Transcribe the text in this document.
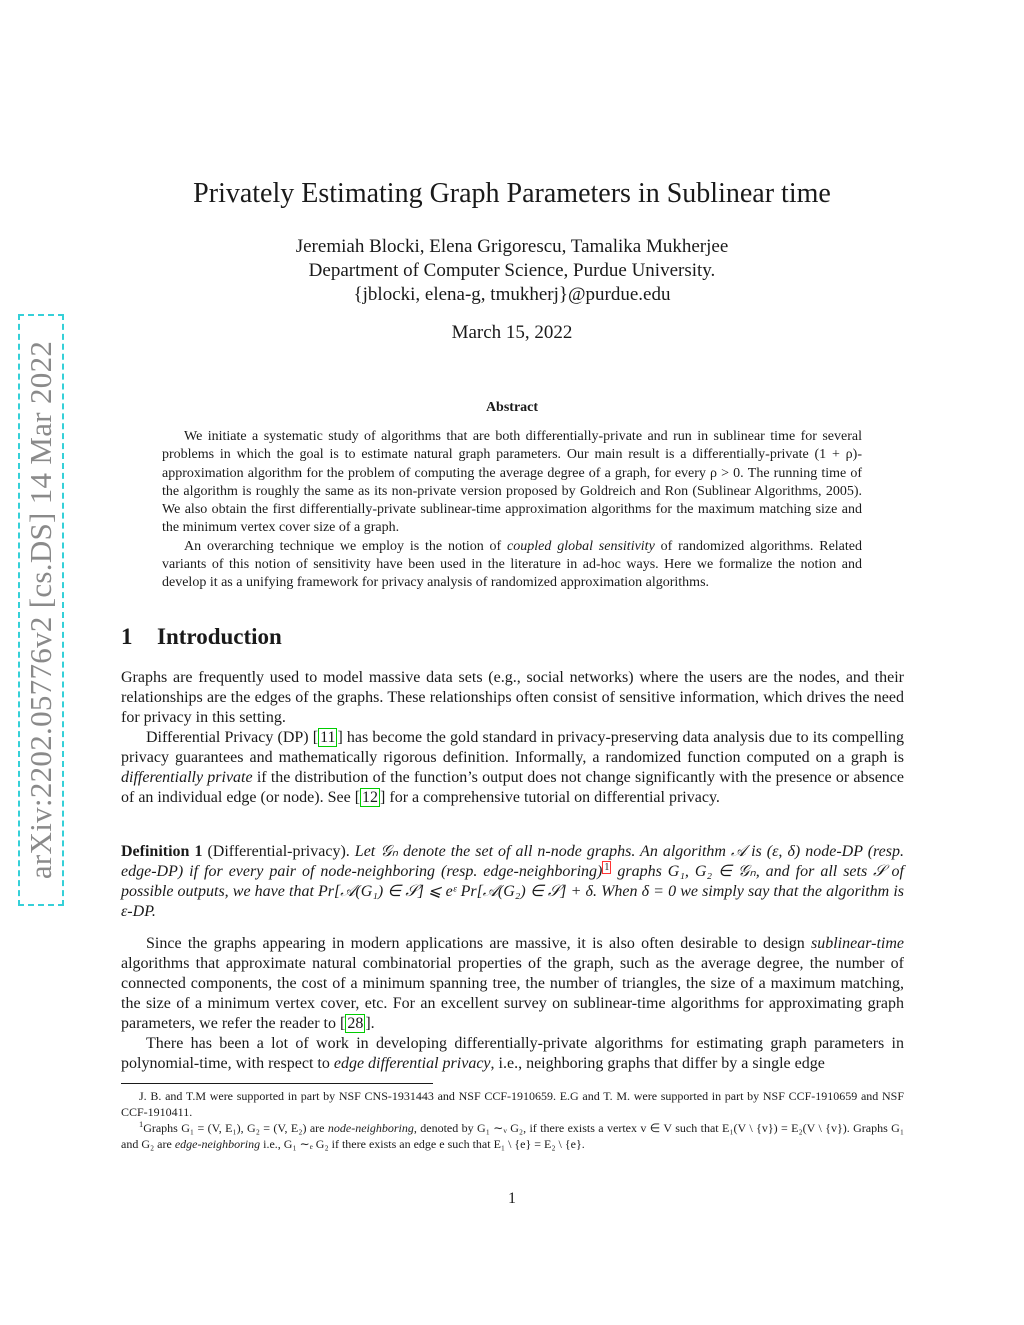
arXiv:2202.05776v2 [cs.DS] 14 Mar 2022
Privately Estimating Graph Parameters in Sublinear time
Jeremiah Blocki, Elena Grigorescu, Tamalika Mukherjee
Department of Computer Science, Purdue University.
{jblocki, elena-g, tmukherj}@purdue.edu
March 15, 2022
Abstract

We initiate a systematic study of algorithms that are both differentially-private and run in sublinear time for several problems in which the goal is to estimate natural graph parameters. Our main result is a differentially-private (1 + ρ)-approximation algorithm for the problem of computing the average degree of a graph, for every ρ > 0. The running time of the algorithm is roughly the same as its non-private version proposed by Goldreich and Ron (Sublinear Algorithms, 2005). We also obtain the first differentially-private sublinear-time approximation algorithms for the maximum matching size and the minimum vertex cover size of a graph.

An overarching technique we employ is the notion of coupled global sensitivity of randomized algorithms. Related variants of this notion of sensitivity have been used in the literature in ad-hoc ways. Here we formalize the notion and develop it as a unifying framework for privacy analysis of randomized approximation algorithms.

1 Introduction

Graphs are frequently used to model massive data sets (e.g., social networks) where the users are the nodes, and their relationships are the edges of the graphs. These relationships often consist of sensitive information, which drives the need for privacy in this setting.

Differential Privacy (DP) [ 11 ] has become the gold standard in privacy-preserving data analysis due to its compelling privacy guarantees and mathematically rigorous definition. Informally, a randomized function computed on a graph is differentially private if the distribution of the function’s output does not change significantly with the presence or absence of an individual edge (or node). See [ 12 ] for a comprehensive tutorial on differential privacy.

Definition 1 (Differential-privacy). Let 𝒢ₙ denote the set of all n-node graphs. An algorithm 𝒜 is (ε, δ) node-DP (resp. edge-DP) if for every pair of node-neighboring (resp. edge-neighboring) $^1$ graphs G₁, G₂ ∈ 𝒢ₙ, and for all sets 𝒮 of possible outputs, we have that Pr[𝒜(G₁) ∈ 𝒮] ⩽ eᵋ Pr[𝒜(G₂) ∈ 𝒮] + δ. When δ = 0 we simply say that the algorithm is ε-DP.

Since the graphs appearing in modern applications are massive, it is also often desirable to design sublinear-time algorithms that approximate natural combinatorial properties of the graph, such as the average degree, the number of connected components, the cost of a minimum spanning tree, the number of triangles, the size of a maximum matching, the size of a minimum vertex cover, etc. For an excellent survey on sublinear-time algorithms for approximating graph parameters, we refer the reader to [ 28 ].

There has been a lot of work in developing differentially-private algorithms for estimating graph parameters in polynomial-time, with respect to edge differential privacy, i.e., neighboring graphs that differ by a single edge

J. B. and T.M were supported in part by NSF CNS-1931443 and NSF CCF-1910659. E.G and T. M. were supported in part by NSF CCF-1910659 and NSF CCF-1910411.

$^1$Graphs G₁ = (V, E₁), G₂ = (V, E₂) are node-neighboring, denoted by G₁ ∼ᵥ G₂, if there exists a vertex v ∈ V such that E₁(V \ {v}) = E₂(V \ {v}). Graphs G₁ and G₂ are edge-neighboring i.e., G₁ ∼ₑ G₂ if there exists an edge e such that E₁ \ {e} = E₂ \ {e}.

1
